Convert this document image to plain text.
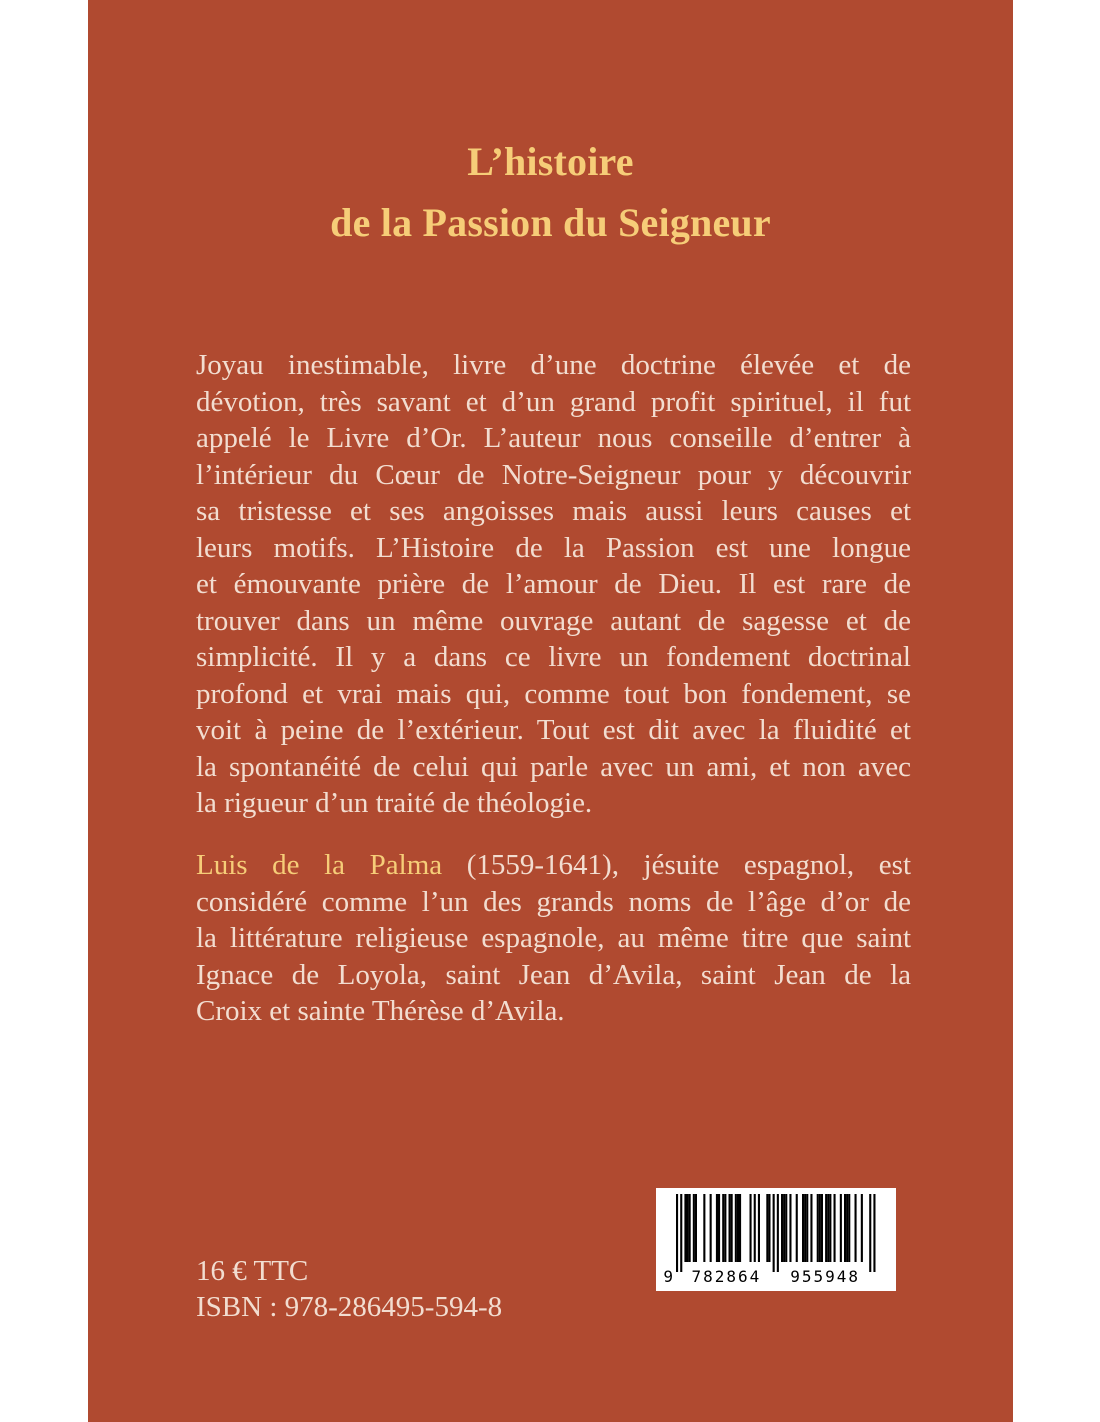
L’histoire
de la Passion du Seigneur
Joyau inestimable, livre d’une doctrine élevée et de
dévotion, très savant et d’un grand profit spirituel, il fut
appelé le Livre d’Or. L’auteur nous conseille d’entrer à
l’intérieur du Cœur de Notre-Seigneur pour y découvrir
sa tristesse et ses angoisses mais aussi leurs causes et
leurs motifs. L’Histoire de la Passion est une longue
et émouvante prière de l’amour de Dieu. Il est rare de
trouver dans un même ouvrage autant de sagesse et de
simplicité. Il y a dans ce livre un fondement doctrinal
profond et vrai mais qui, comme tout bon fondement, se
voit à peine de l’extérieur. Tout est dit avec la fluidité et
la spontanéité de celui qui parle avec un ami, et non avec
la rigueur d’un traité de théologie.
Luis de la Palma (1559-1641), jésuite espagnol, est
considéré comme l’un des grands noms de l’âge d’or de
la littérature religieuse espagnole, au même titre que saint
Ignace de Loyola, saint Jean d’Avila, saint Jean de la
Croix et sainte Thérèse d’Avila.
16 € TTC
ISBN : 978-286495-594-8
9 782864 955948
